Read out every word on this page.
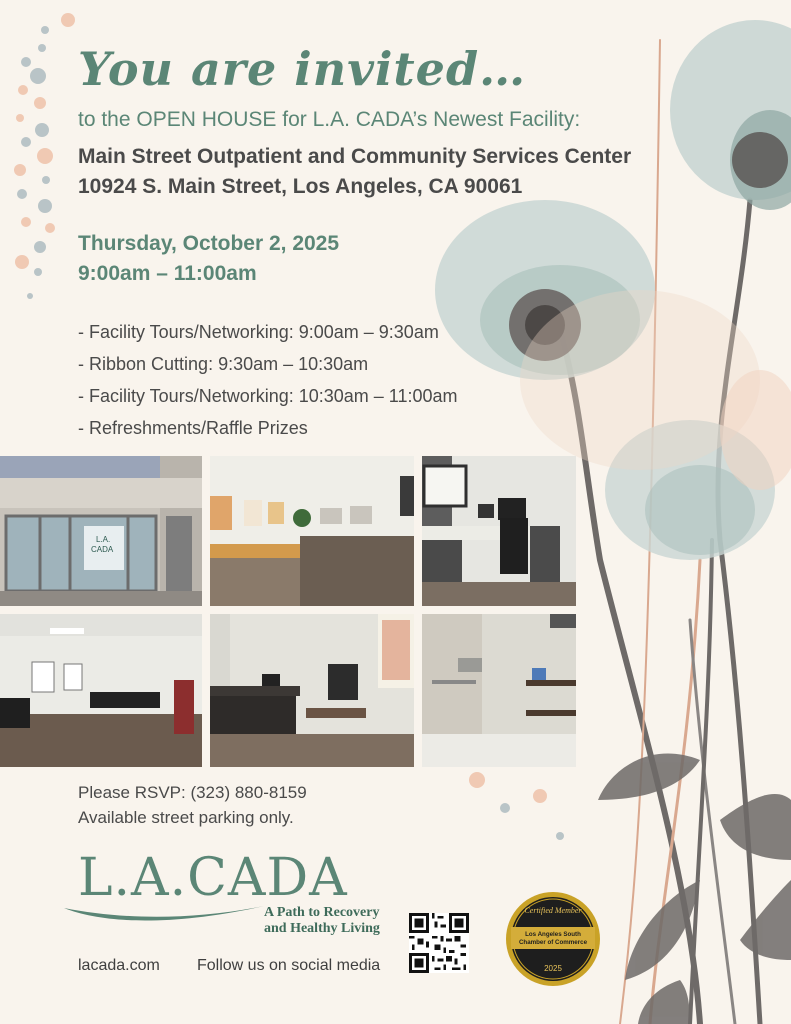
You are invited…
to the OPEN HOUSE for L.A. CADA’s Newest Facility:
Main Street Outpatient and Community Services Center
10924 S. Main Street, Los Angeles, CA 90061
Thursday, October 2, 2025
9:00am – 11:00am
- Facility Tours/Networking: 9:00am – 9:30am
- Ribbon Cutting: 9:30am – 10:30am
- Facility Tours/Networking: 10:30am – 11:00am
- Refreshments/Raffle Prizes
L.A.
CADA
Please RSVP: (323) 880-8159
Available street parking only.
L.A.CADA
A Path to Recovery
and Healthy Living
lacada.com Follow us on social media
Certified Member
Los Angeles South
Chamber of Commerce
2025
